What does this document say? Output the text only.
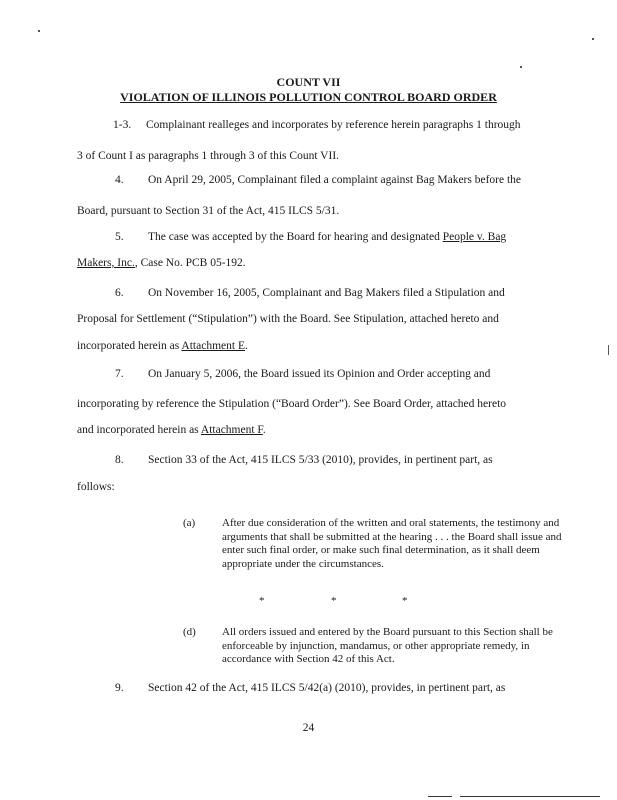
COUNT VII
VIOLATION OF ILLINOIS POLLUTION CONTROL BOARD ORDER
1-3. Complainant realleges and incorporates by reference herein paragraphs 1 through
3 of Count I as paragraphs 1 through 3 of this Count VII.
4. On April 29, 2005, Complainant filed a complaint against Bag Makers before the
Board, pursuant to Section 31 of the Act, 415 ILCS 5/31.
5. The case was accepted by the Board for hearing and designated People v. Bag
Makers, Inc., Case No. PCB 05-192.
6. On November 16, 2005, Complainant and Bag Makers filed a Stipulation and
Proposal for Settlement (“Stipulation”) with the Board. See Stipulation, attached hereto and
incorporated herein as Attachment E.
7. On January 5, 2006, the Board issued its Opinion and Order accepting and
incorporating by reference the Stipulation (“Board Order”). See Board Order, attached hereto
and incorporated herein as Attachment F.
8. Section 33 of the Act, 415 ILCS 5/33 (2010), provides, in pertinent part, as
follows:
(a) After due consideration of the written and oral statements, the testimony and arguments that shall be submitted at the hearing . . . the Board shall issue and enter such final order, or make such final determination, as it shall deem appropriate under the circumstances.
*	*	*
(d) All orders issued and entered by the Board pursuant to this Section shall be enforceable by injunction, mandamus, or other appropriate remedy, in accordance with Section 42 of this Act.
9. Section 42 of the Act, 415 ILCS 5/42(a) (2010), provides, in pertinent part, as
24
